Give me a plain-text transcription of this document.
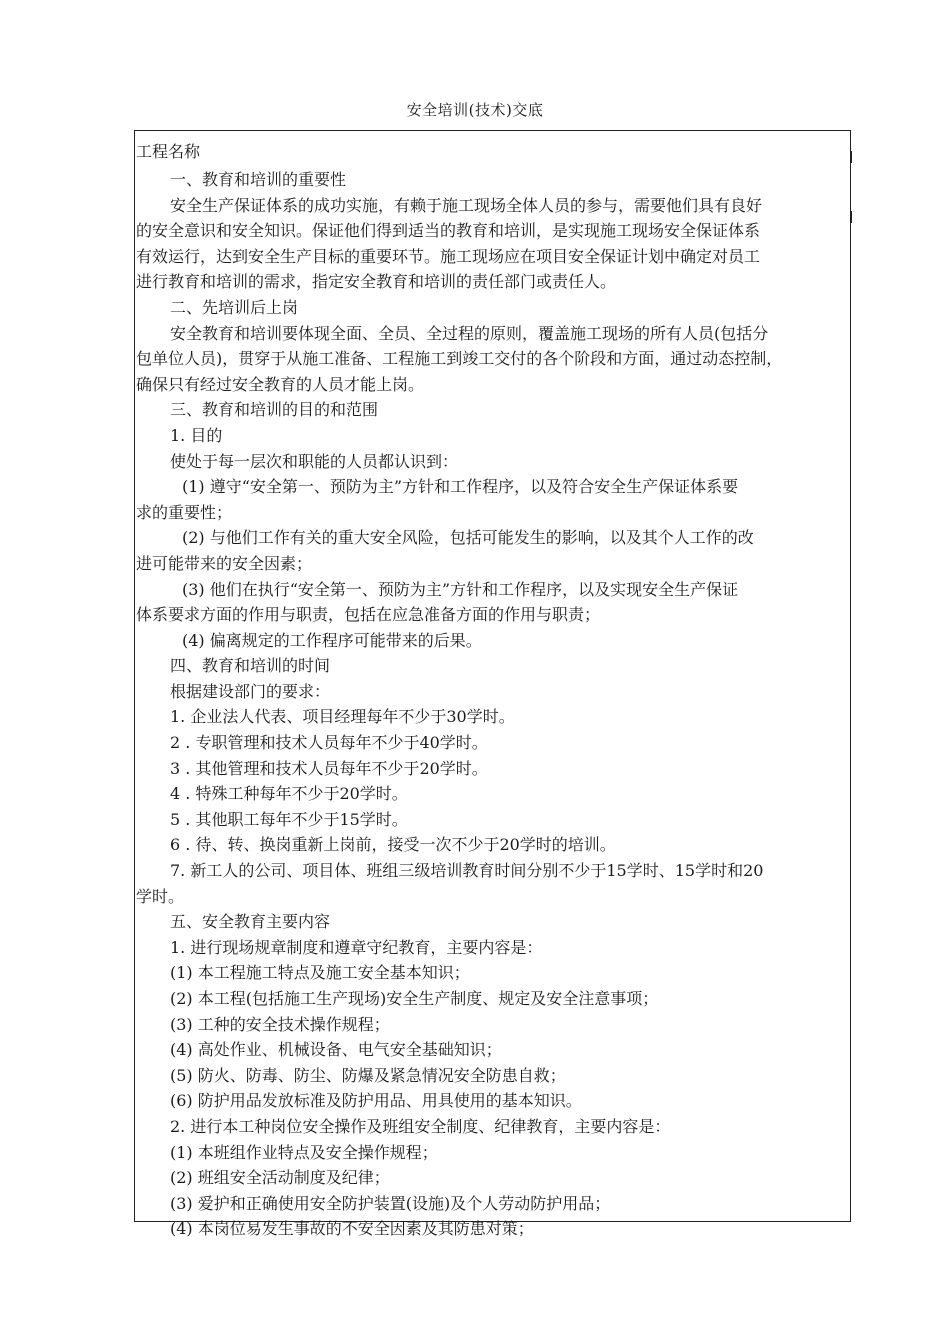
安全培训(技术)交底
工程名称
一、教育和培训的重要性
安全生产保证体系的成功实施，有赖于施工现场全体人员的参与，需要他们具有良好
的安全意识和安全知识。保证他们得到适当的教育和培训，是实现施工现场安全保证体系
有效运行，达到安全生产目标的重要环节。施工现场应在项目安全保证计划中确定对员工
进行教育和培训的需求，指定安全教育和培训的责任部门或责任人。
二、先培训后上岗
安全教育和培训要体现全面、全员、全过程的原则，覆盖施工现场的所有人员(包括分
包单位人员)，贯穿于从施工准备、工程施工到竣工交付的各个阶段和方面，通过动态控制，
确保只有经过安全教育的人员才能上岗。
三、教育和培训的目的和范围
1. 目的
使处于每一层次和职能的人员都认识到：
(1) 遵守“安全第一、预防为主”方针和工作程序，以及符合安全生产保证体系要
求的重要性；
(2) 与他们工作有关的重大安全风险，包括可能发生的影响，以及其个人工作的改
进可能带来的安全因素；
(3) 他们在执行“安全第一、预防为主”方针和工作程序，以及实现安全生产保证
体系要求方面的作用与职责，包括在应急准备方面的作用与职责；
(4) 偏离规定的工作程序可能带来的后果。
四、教育和培训的时间
根据建设部门的要求：
1. 企业法人代表、项目经理每年不少于30学时。
2 . 专职管理和技术人员每年不少于40学时。
3 . 其他管理和技术人员每年不少于20学时。
4 . 特殊工种每年不少于20学时。
5 . 其他职工每年不少于15学时。
6 . 待、转、换岗重新上岗前，接受一次不少于20学时的培训。
7. 新工人的公司、项目体、班组三级培训教育时间分别不少于15学时、15学时和20
学时。
五、安全教育主要内容
1. 进行现场规章制度和遵章守纪教育，主要内容是：
(1) 本工程施工特点及施工安全基本知识；
(2) 本工程(包括施工生产现场)安全生产制度、规定及安全注意事项；
(3) 工种的安全技术操作规程；
(4) 高处作业、机械设备、电气安全基础知识；
(5) 防火、防毒、防尘、防爆及紧急情况安全防患自救；
(6) 防护用品发放标准及防护用品、用具使用的基本知识。
2. 进行本工种岗位安全操作及班组安全制度、纪律教育，主要内容是：
(1) 本班组作业特点及安全操作规程；
(2) 班组安全活动制度及纪律；
(3) 爱护和正确使用安全防护装置(设施)及个人劳动防护用品；
(4) 本岗位易发生事故的不安全因素及其防患对策；
